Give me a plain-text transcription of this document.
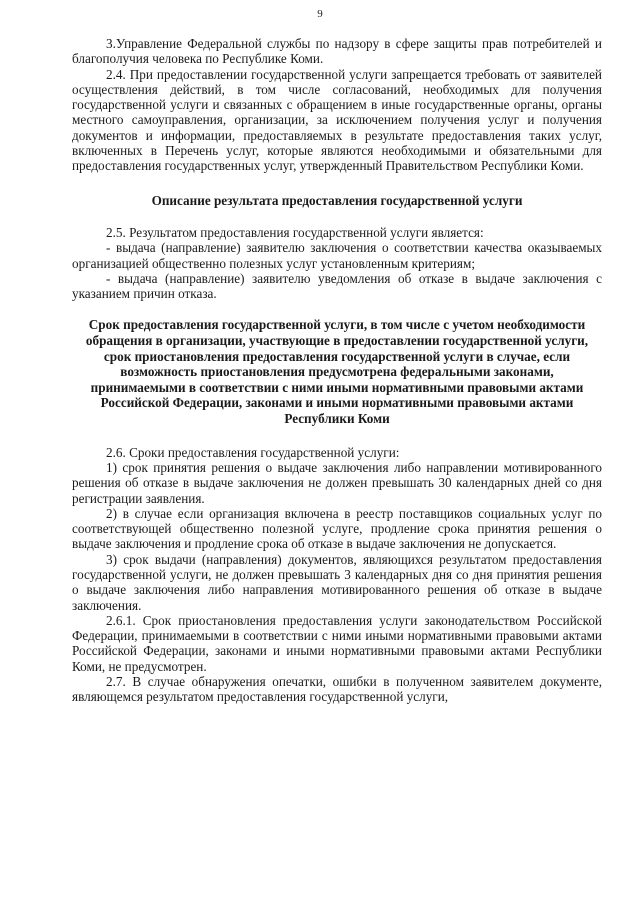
9

3.Управление Федеральной службы по надзору в сфере защиты прав потребителей и благополучия человека по Республике Коми.

2.4. При предоставлении государственной услуги запрещается требовать от заявителей осуществления действий, в том числе согласований, необходимых для получения государственной услуги и связанных с обращением в иные государственные органы, органы местного самоуправления, организации, за исключением получения услуг и получения документов и информации, предоставляемых в результате предоставления таких услуг, включенных в Перечень услуг, которые являются необходимыми и обязательными для предоставления государственных услуг, утвержденный Правительством Республики Коми.

Описание результата предоставления государственной услуги

2.5. Результатом предоставления государственной услуги является:

- выдача (направление) заявителю заключения о соответствии качества оказываемых организацией общественно полезных услуг установленным критериям;

- выдача (направление) заявителю уведомления об отказе в выдаче заключения с указанием причин отказа.

Срок предоставления государственной услуги, в том числе с учетом необходимости обращения в организации, участвующие в предоставлении государственной услуги, срок приостановления предоставления государственной услуги в случае, если возможность приостановления предусмотрена федеральными законами, принимаемыми в соответствии с ними иными нормативными правовыми актами Российской Федерации, законами и иными нормативными правовыми актами Республики Коми

2.6. Сроки предоставления государственной услуги:

1) срок принятия решения о выдаче заключения либо направлении мотивированного решения об отказе в выдаче заключения не должен превышать 30 календарных дней со дня регистрации заявления.

2) в случае если организация включена в реестр поставщиков социальных услуг по соответствующей общественно полезной услуге, продление срока принятия решения о выдаче заключения и продление срока об отказе в выдаче заключения не допускается.

3) срок выдачи (направления) документов, являющихся результатом предоставления государственной услуги, не должен превышать 3 календарных дня со дня принятия решения о выдаче заключения либо направления мотивированного решения об отказе в выдаче заключения.

2.6.1. Срок приостановления предоставления услуги законодательством Российской Федерации, принимаемыми в соответствии с ними иными нормативными правовыми актами Российской Федерации, законами и иными нормативными правовыми актами Республики Коми, не предусмотрен.

2.7. В случае обнаружения опечатки, ошибки в полученном заявителем документе, являющемся результатом предоставления государственной услуги,
